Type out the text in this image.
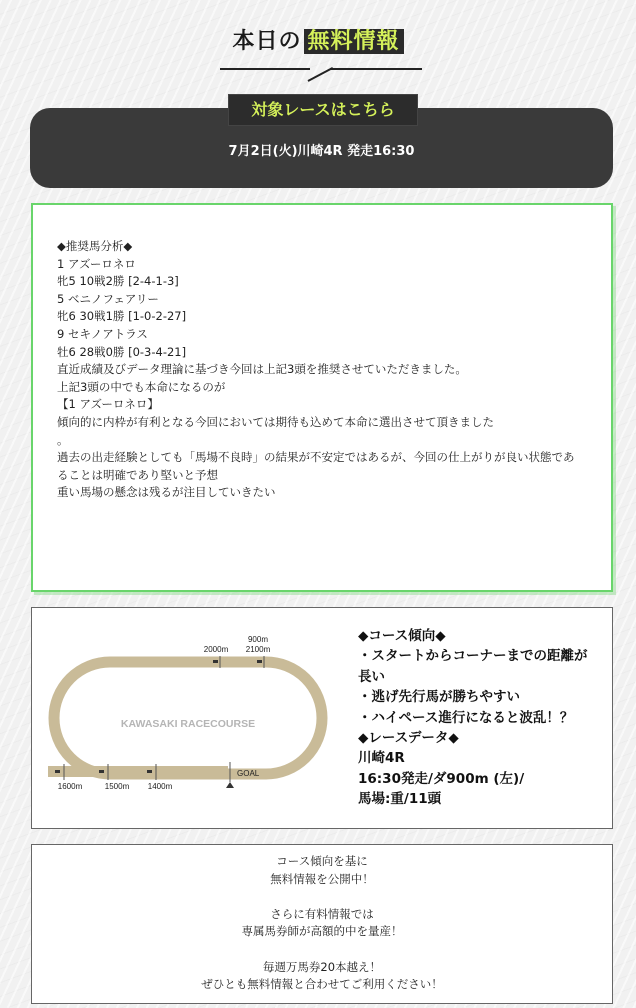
本日の 無料情報
7月2日(火)川崎4R 発走16:30
対象レースはこちら

◆推奨馬分析◆

1 アズーロネロ

牝5 10戦2勝 [2-4-1-3]

5 ベニノフェアリー

牝6 30戦1勝 [1-0-2-27]

9 セキノアトラス

牡6 28戦0勝 [0-3-4-21]

直近成績及びデータ理論に基づき今回は上記3頭を推奨させていただきました。

上記3頭の中でも本命になるのが

【1 アズーロネロ】

傾向的に内枠が有利となる今回においては期待も込めて本命に選出させて頂きました

。

過去の出走経験としても「馬場不良時」の結果が不安定ではあるが、今回の仕上がりが良い状態であ

ることは明確であり堅いと予想

重い馬場の懸念は残るが注目していきたい

KAWASAKI RACECOURSE
2000m
900m
2100m
1600m	1500m 1400m
GOAL
◆コース傾向◆
・スタートからコーナーまでの距離が
長い
・逃げ先行馬が勝ちやすい
・ハイペース進行になると波乱！？
◆レースデータ◆
川崎4R
16:30発走/ダ900m (左)/
馬場:重/11頭

コース傾向を基に

無料情報を公開中！

さらに有料情報では

専属馬券師が高額的中を量産！

毎週万馬券20本越え！

ぜひとも無料情報と合わせてご利用ください！
